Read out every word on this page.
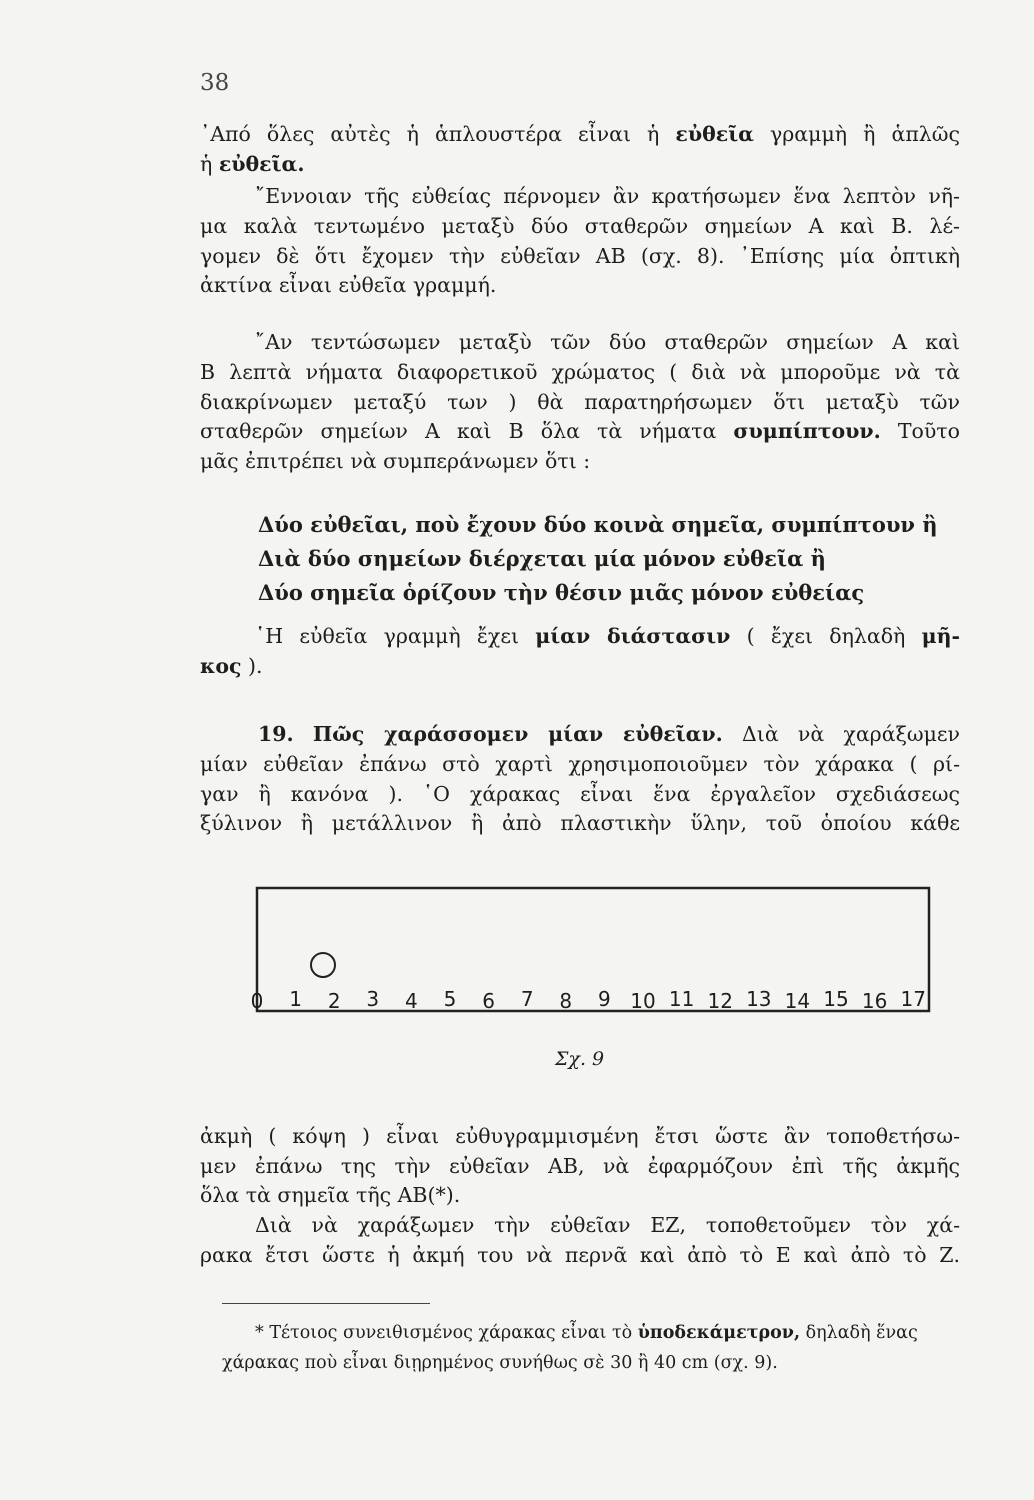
38
᾿Από ὅλες αὐτὲς ἡ ἁπλουστέρα εἶναι ἡ εὐθεῖα γραμμὴ ἢ ἁπλῶς
ἡ εὐθεῖα.
῎Εννοιαν τῆς εὐθείας πέρνομεν ἂν κρατήσωμεν ἕνα λεπτὸν νῆ-
μα καλὰ τεντωμένο μεταξὺ δύο σταθερῶν σημείων Α καὶ Β. λέ-
γομεν δὲ ὅτι ἔχομεν τὴν εὐθεῖαν ΑΒ (σχ. 8). ᾿Επίσης μία ὀπτικὴ
ἀκτίνα εἶναι εὐθεῖα γραμμή.
῎Αν τεντώσωμεν μεταξὺ τῶν δύο σταθερῶν σημείων Α καὶ
Β λεπτὰ νήματα διαφορετικοῦ χρώματος ( διὰ νὰ μποροῦμε νὰ τὰ
διακρίνωμεν μεταξύ των ) θὰ παρατηρήσωμεν ὅτι μεταξὺ τῶν
σταθερῶν σημείων Α καὶ Β ὅλα τὰ νήματα συμπίπτουν. Τοῦτο
μᾶς ἐπιτρέπει νὰ συμπεράνωμεν ὅτι :
Δύο εὐθεῖαι, ποὺ ἔχουν δύο κοινὰ σημεῖα, συμπίπτουν ἢ
Διὰ δύο σημείων διέρχεται μία μόνον εὐθεῖα ἢ
Δύο σημεῖα ὁρίζουν τὴν θέσιν μιᾶς μόνον εὐθείας
῾Η εὐθεῖα γραμμὴ ἔχει μίαν διάστασιν ( ἔχει δηλαδὴ μῆ-
κος ).
19. Πῶς χαράσσομεν μίαν εὐθεῖαν. Διὰ νὰ χαράξωμεν
μίαν εὐθεῖαν ἐπάνω στὸ χαρτὶ χρησιμοποιοῦμεν τὸν χάρακα ( ρί-
γαν ἢ κανόνα ). ῾Ο χάρακας εἶναι ἕνα ἐργαλεῖον σχεδιάσεως
ξύλινον ἢ μετάλλινον ἢ ἀπὸ πλαστικὴν ὕλην, τοῦ ὁποίου κάθε
0 1 2 3 4 5 6 7 8 9 10 11 12 13 14 15 16 17
Σχ. 9
ἀκμὴ ( κόψη ) εἶναι εὐθυγραμμισμένη ἔτσι ὥστε ἂν τοποθετήσω-
μεν ἐπάνω της τὴν εὐθεῖαν ΑΒ, νὰ ἐφαρμόζουν ἐπὶ τῆς ἀκμῆς
ὅλα τὰ σημεῖα τῆς ΑΒ(*).
Διὰ νὰ χαράξωμεν τὴν εὐθεῖαν ΕΖ, τοποθετοῦμεν τὸν χά-
ρακα ἔτσι ὥστε ἡ ἀκμή του νὰ περνᾶ καὶ ἀπὸ τὸ Ε καὶ ἀπὸ τὸ Ζ.
* Τέτοιος συνειθισμένος χάρακας εἶναι τὸ ὑποδεκάμετρον, δηλαδὴ ἕνας
χάρακας ποὺ εἶναι διῃρημένος συνήθως σὲ 30 ἢ 40 cm (σχ. 9).
